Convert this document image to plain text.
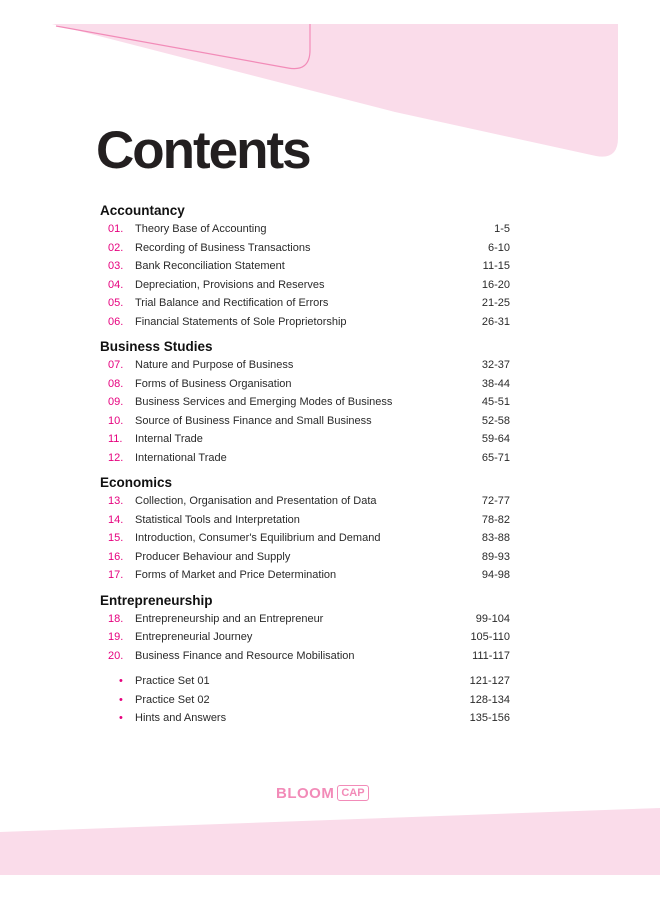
Contents
Accountancy
01.	Theory Base of Accounting	1-5
02.	Recording of Business Transactions	6-10
03.	Bank Reconciliation Statement	11-15
04.	Depreciation, Provisions and Reserves	16-20
05.	Trial Balance and Rectification of Errors	21-25
06.	Financial Statements of Sole Proprietorship	26-31
Business Studies
07.	Nature and Purpose of Business	32-37
08.	Forms of Business Organisation	38-44
09.	Business Services and Emerging Modes of Business	45-51
10.	Source of Business Finance and Small Business	52-58
11.	Internal Trade	59-64
12.	International Trade	65-71
Economics
13.	Collection, Organisation and Presentation of Data	72-77
14.	Statistical Tools and Interpretation	78-82
15.	Introduction, Consumer's Equilibrium and Demand	83-88
16.	Producer Behaviour and Supply	89-93
17.	Forms of Market and Price Determination	94-98
Entrepreneurship
18.	Entrepreneurship and an Entrepreneur	99-104
19.	Entrepreneurial Journey	105-110
20.	Business Finance and Resource Mobilisation	111-117
• Practice Set 01	121-127
• Practice Set 02	128-134
• Hints and Answers	135-156
BLOOM CAP
